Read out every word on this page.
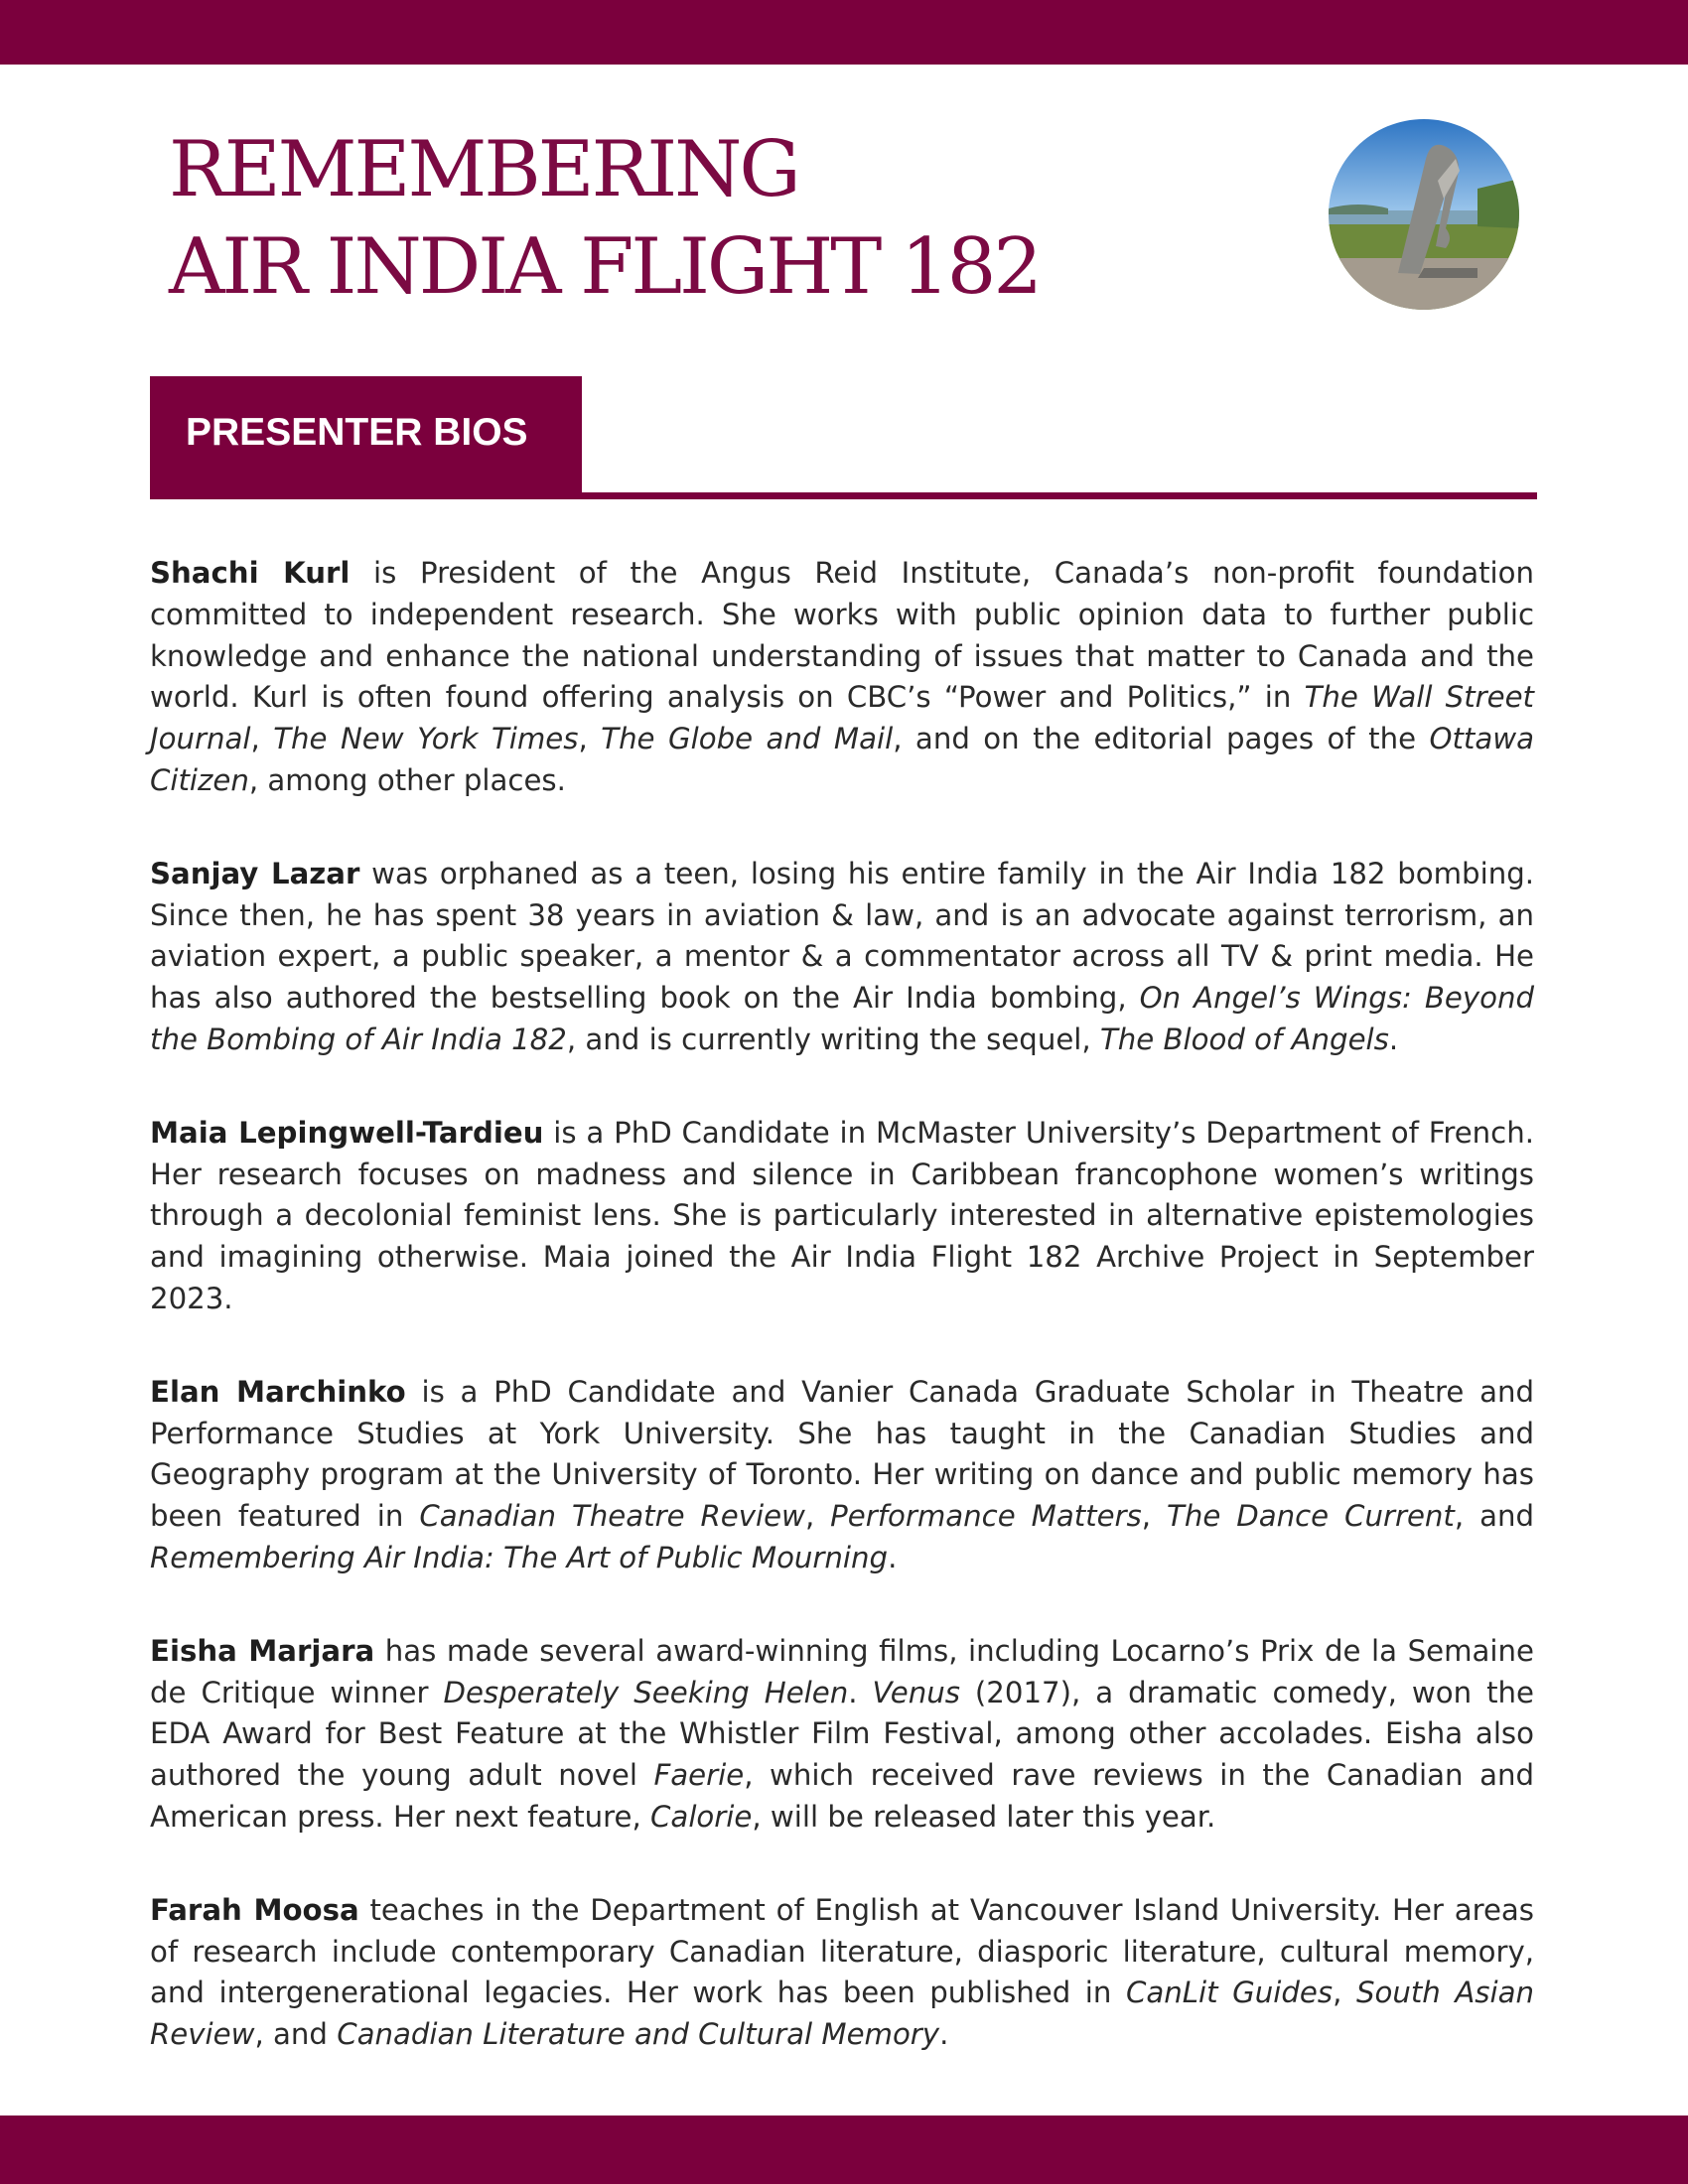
REMEMBERING
AIR INDIA FLIGHT 182
PRESENTER BIOS

Shachi Kurl is President of the Angus Reid Institute, Canada’s non-profit foundation committed to independent research. She works with public opinion data to further public knowledge and enhance the national understanding of issues that matter to Canada and the world. Kurl is often found offering analysis on CBC’s “Power and Politics,” in The Wall Street Journal, The New York Times, The Globe and Mail, and on the editorial pages of the Ottawa Citizen, among other places.

Sanjay Lazar was orphaned as a teen, losing his entire family in the Air India 182 bombing. Since then, he has spent 38 years in aviation & law, and is an advocate against terrorism, an aviation expert, a public speaker, a mentor & a commentator across all TV & print media. He has also authored the bestselling book on the Air India bombing, On Angel’s Wings: Beyond the Bombing of Air India 182, and is currently writing the sequel, The Blood of Angels.

Maia Lepingwell-Tardieu is a PhD Candidate in McMaster University’s Department of French. Her research focuses on madness and silence in Caribbean francophone women’s writings through a decolonial feminist lens. She is particularly interested in alternative epistemologies and imagining otherwise. Maia joined the Air India Flight 182 Archive Project in September 2023.

Elan Marchinko is a PhD Candidate and Vanier Canada Graduate Scholar in Theatre and Performance Studies at York University. She has taught in the Canadian Studies and Geography program at the University of Toronto. Her writing on dance and public memory has been featured in Canadian Theatre Review, Performance Matters, The Dance Current, and Remembering Air India: The Art of Public Mourning.

Eisha Marjara has made several award-winning films, including Locarno’s Prix de la Semaine de Critique winner Desperately Seeking Helen. Venus (2017), a dramatic comedy, won the EDA Award for Best Feature at the Whistler Film Festival, among other accolades. Eisha also authored the young adult novel Faerie, which received rave reviews in the Canadian and American press. Her next feature, Calorie, will be released later this year.

Farah Moosa teaches in the Department of English at Vancouver Island University. Her areas of research include contemporary Canadian literature, diasporic literature, cultural memory, and intergenerational legacies. Her work has been published in CanLit Guides, South Asian Review, and Canadian Literature and Cultural Memory.
